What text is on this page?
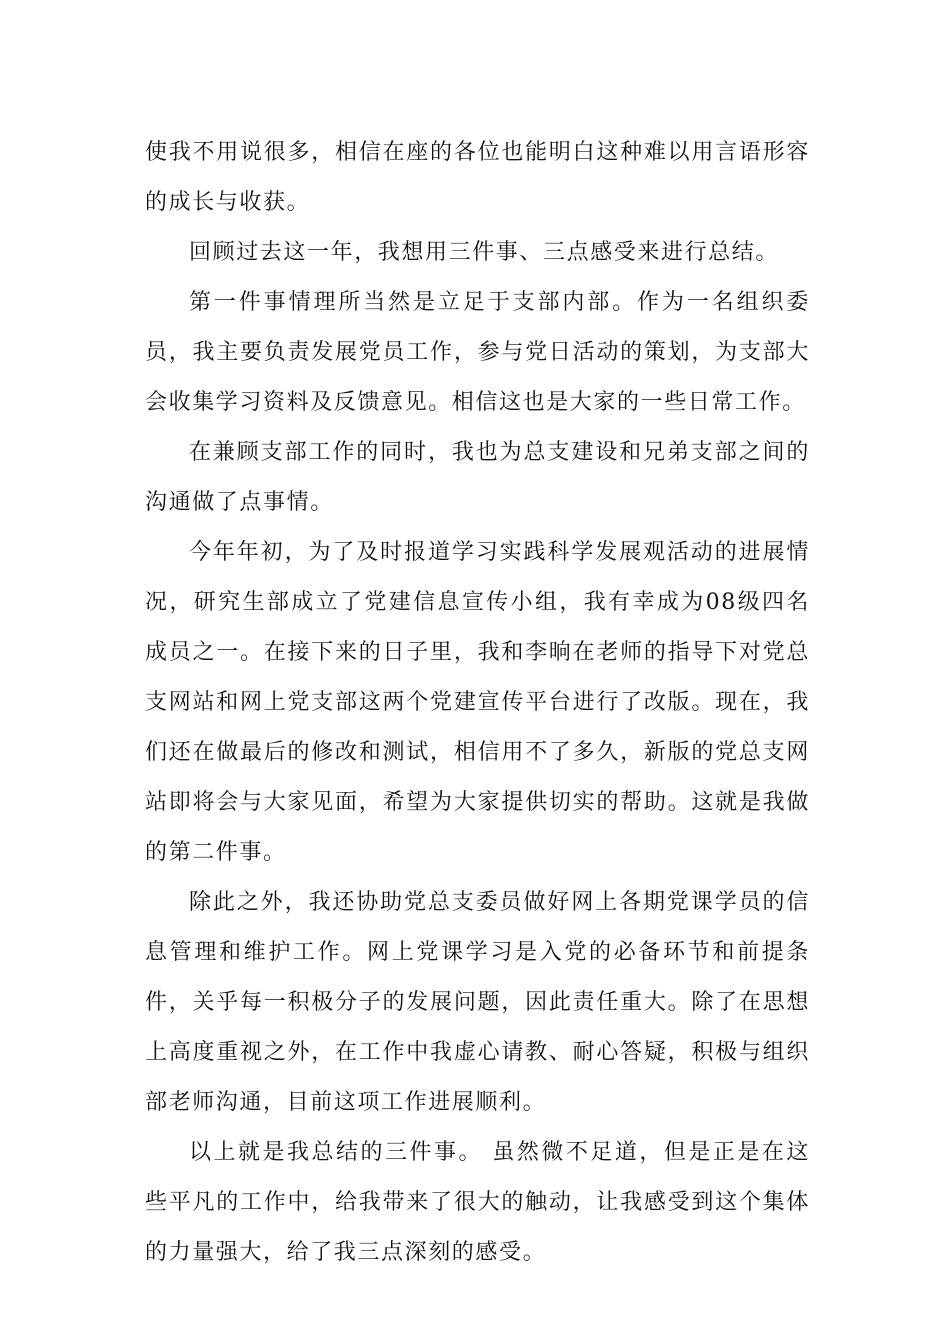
使我不用说很多，相信在座的各位也能明白这种难以用言语形容的成长与收获。

回顾过去这一年，我想用三件事、三点感受来进行总结。

第一件事情理所当然是立足于支部内部。作为一名组织委员，我主要负责发展党员工作，参与党日活动的策划，为支部大会收集学习资料及反馈意见。相信这也是大家的一些日常工作。

在兼顾支部工作的同时，我也为总支建设和兄弟支部之间的沟通做了点事情。

今年年初，为了及时报道学习实践科学发展观活动的进展情况，研究生部成立了党建信息宣传小组，我有幸成为08级四名成员之一。在接下来的日子里，我和李晌在老师的指导下对党总支网站和网上党支部这两个党建宣传平台进行了改版。现在，我们还在做最后的修改和测试，相信用不了多久，新版的党总支网站即将会与大家见面，希望为大家提供切实的帮助。这就是我做的第二件事。

除此之外，我还协助党总支委员做好网上各期党课学员的信息管理和维护工作。网上党课学习是入党的必备环节和前提条件，关乎每一积极分子的发展问题，因此责任重大。除了在思想上高度重视之外，在工作中我虚心请教、耐心答疑，积极与组织部老师沟通，目前这项工作进展顺利。

以上就是我总结的三件事。 虽然微不足道，但是正是在这些平凡的工作中，给我带来了很大的触动，让我感受到这个集体的力量强大，给了我三点深刻的感受。
